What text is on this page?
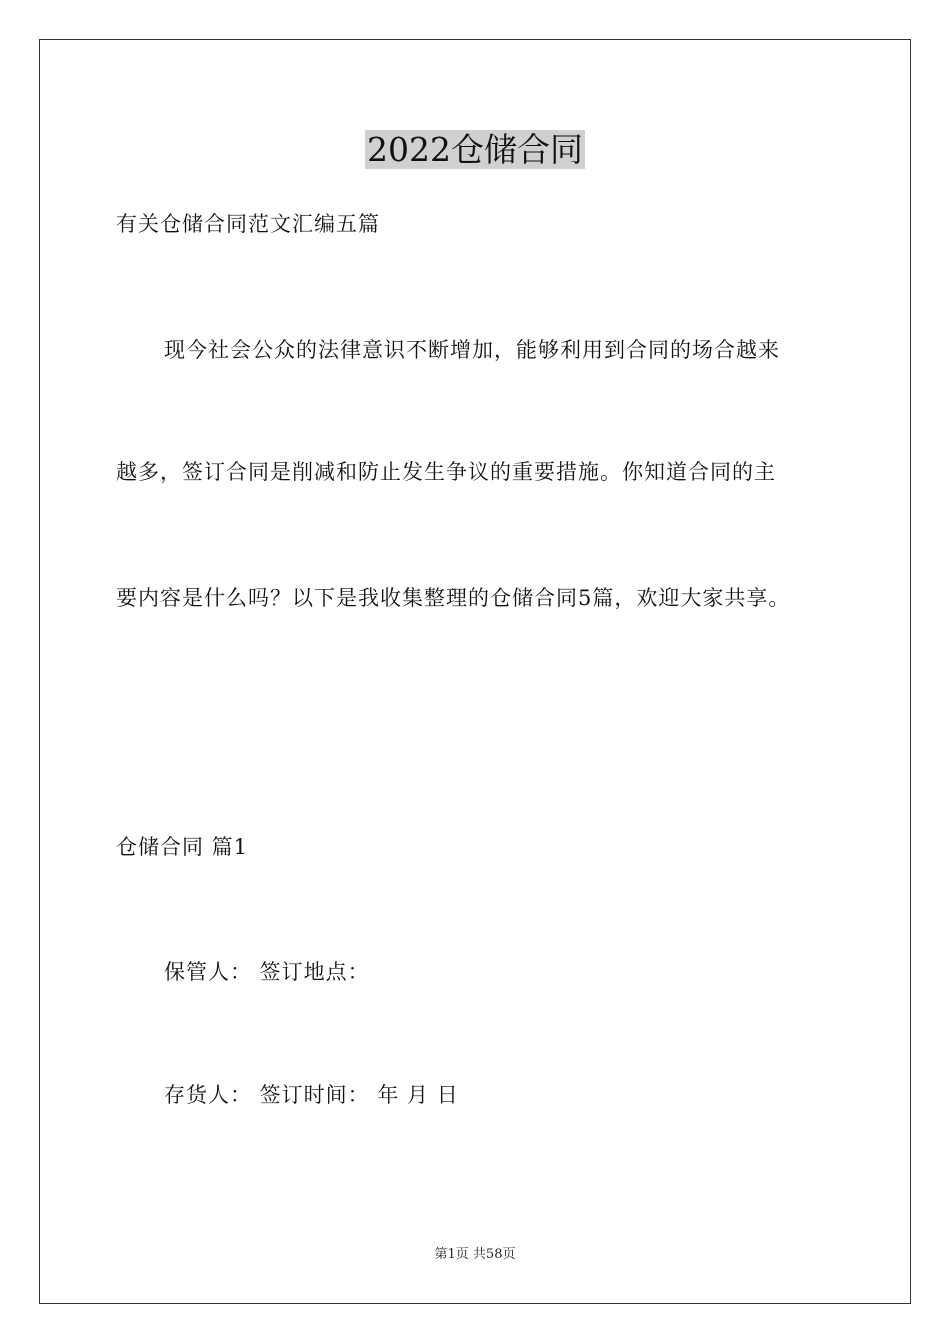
2022仓储合同
有关仓储合同范文汇编五篇
现今社会公众的法律意识不断增加，能够利用到合同的场合越来
越多，签订合同是削减和防止发生争议的重要措施。你知道合同的主
要内容是什么吗？以下是我收集整理的仓储合同5篇，欢迎大家共享。
仓储合同 篇1
保管人： 签订地点：
存货人： 签订时间： 年 月 日
第1页 共58页
